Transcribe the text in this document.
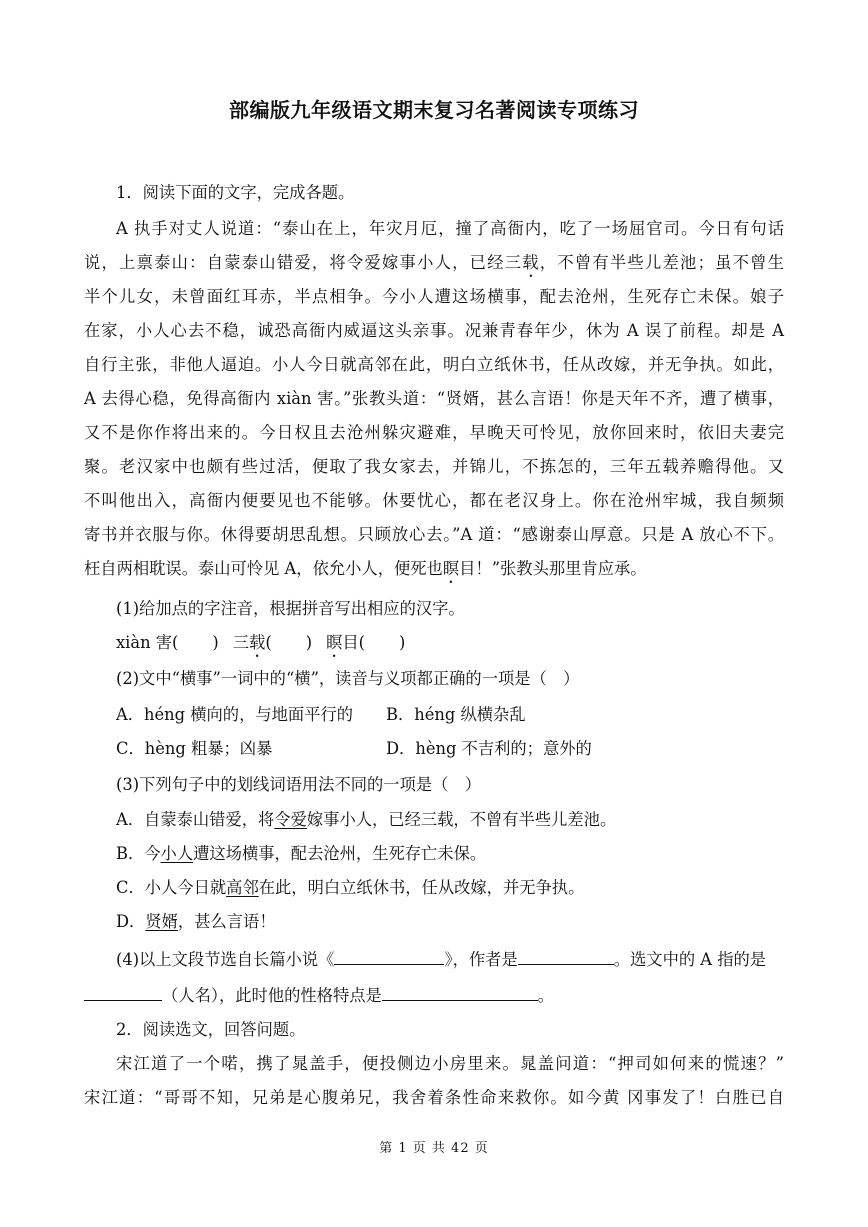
部编版九年级语文期末复习名著阅读专项练习
1．阅读下面的文字，完成各题。
A 执手对丈人说道：“泰山在上，年灾月厄，撞了高衙内，吃了一场屈官司。今日有句话
说，上禀泰山：自蒙泰山错爱，将令爱嫁事小人，已经三载，不曾有半些儿差池；虽不曾生
半个儿女，未曾面红耳赤，半点相争。今小人遭这场横事，配去沧州，生死存亡未保。娘子
在家，小人心去不稳，诚恐高衙内威逼这头亲事。况兼青春年少，休为 A 误了前程。却是 A
自行主张，非他人逼迫。小人今日就高邻在此，明白立纸休书，任从改嫁，并无争执。如此，
A 去得心稳，免得高衙内 xiàn 害。”张教头道：“贤婿，甚么言语！你是天年不齐，遭了横事，
又不是你作将出来的。今日权且去沧州躲灾避难，早晚天可怜见，放你回来时，依旧夫妻完
聚。老汉家中也颇有些过活，便取了我女家去，并锦儿，不拣怎的，三年五载养赡得他。又
不叫他出入，高衙内便要见也不能够。休要忧心，都在老汉身上。你在沧州牢城，我自频频
寄书并衣服与你。休得要胡思乱想。只顾放心去。”A 道：“感谢泰山厚意。只是 A 放心不下。
枉自两相耽误。泰山可怜见 A，依允小人，便死也瞑目！”张教头那里肯应承。
(1)给加点的字注音，根据拼音写出相应的汉字。
xiàn 害( ) 三载( ) 瞑目( )
(2)文中“横事”一词中的“横”，读音与义项都正确的一项是（　）
A．héng 横向的，与地面平行的 B．héng 纵横杂乱
C．hèng 粗暴；凶暴	D．hèng 不吉利的；意外的
(3)下列句子中的划线词语用法不同的一项是（　）
A．自蒙泰山错爱，将令爱嫁事小人，已经三载，不曾有半些儿差池。
B．今小人遭这场横事，配去沧州，生死存亡未保。
C．小人今日就高邻在此，明白立纸休书，任从改嫁，并无争执。
D．贤婿，甚么言语！
(4)以上文段节选自长篇小说《	》，作者是	。选文中的 A 指的是
（人名），此时他的性格特点是	。
2．阅读选文，回答问题。
宋江道了一个喏，携了晁盖手，便投侧边小房里来。晁盖问道：“押司如何来的慌速？”
宋江道：“哥哥不知，兄弟是心腹弟兄，我舍着条性命来救你。如今黄 冈事发了！白胜已自
第 1 页 共 42 页
